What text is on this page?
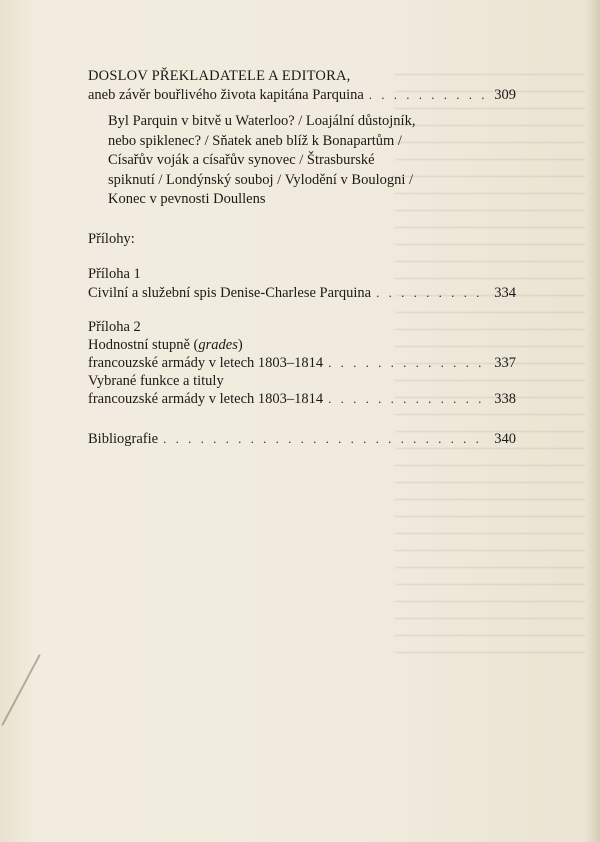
DOSLOV PŘEKLADATELE A EDITORA,
aneb závěr bouřlivého života kapitána Parquina . . .	309
Byl Parquin v bitvě u Waterloo? / Loajální důstojník,
nebo spiklenec? / Sňatek aneb blíž k Bonapartům /
Císařův voják a císařův synovec / Štrasburské
spiknutí / Londýnský souboj / Vylodění v Boulogni /
Konec v pevnosti Doullens
Přílohy:
Příloha 1
Civilní a služební spis Denise-Charlese Parquina . . .	334
Příloha 2
Hodnostní stupně (grades)
francouzské armády v letech 1803–1814 . . .	337
Vybrané funkce a tituly
francouzské armády v letech 1803–1814 . . .	338
Bibliografie . . .	340
